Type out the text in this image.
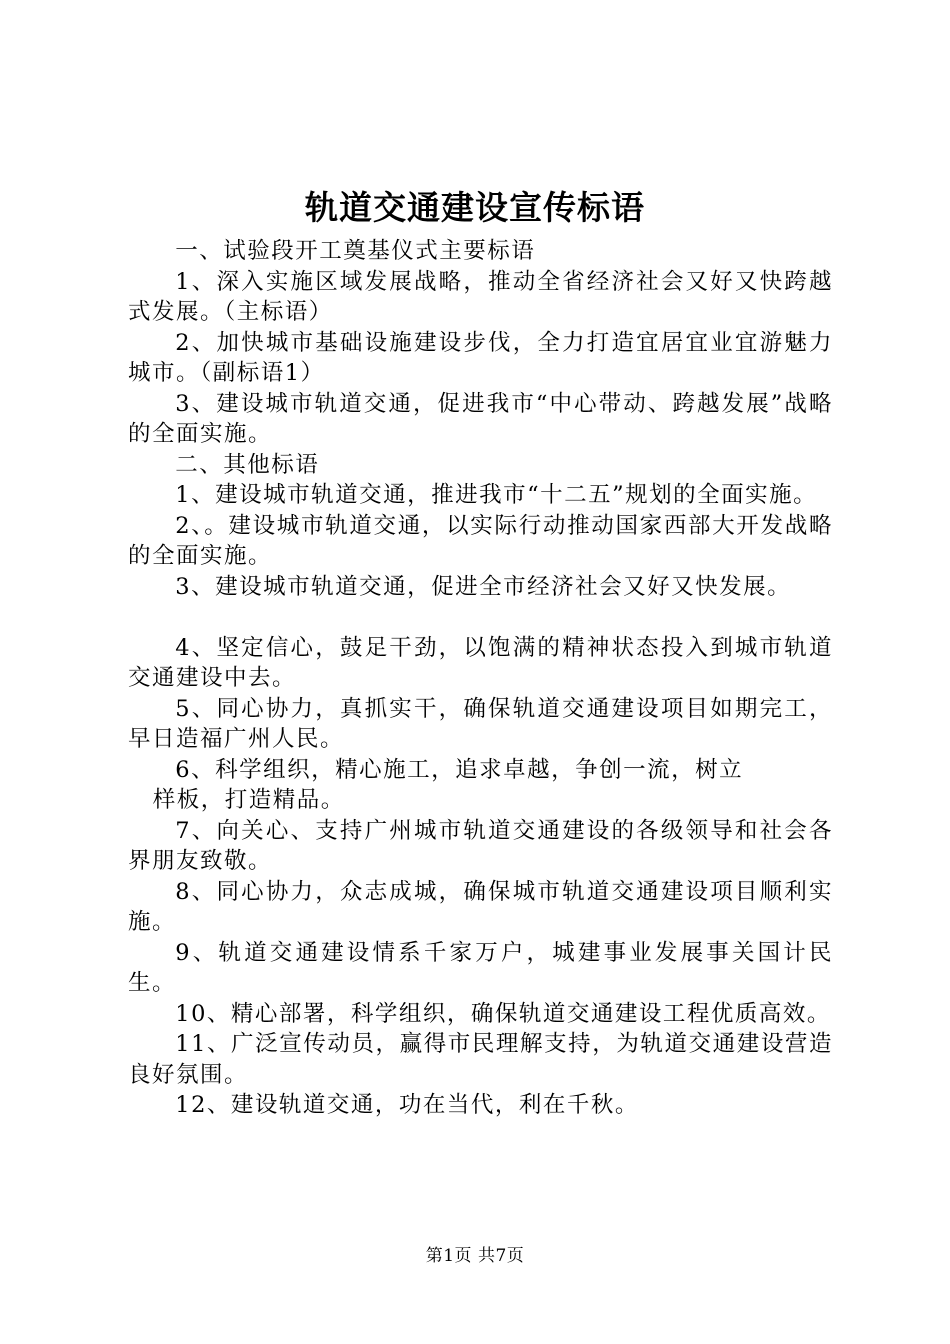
轨道交通建设宣传标语

一、试验段开工奠基仪式主要标语

1、深入实施区域发展战略，推动全省经济社会又好又快跨越式发展。（主标语）

2、加快城市基础设施建设步伐，全力打造宜居宜业宜游魅力城市。（副标语1）

3、建设城市轨道交通，促进我市“中心带动、跨越发展”战略的全面实施。

二、其他标语

1、建设城市轨道交通，推进我市“十二五”规划的全面实施。

2、。建设城市轨道交通，以实际行动推动国家西部大开发战略的全面实施。

3、建设城市轨道交通，促进全市经济社会又好又快发展。

4、坚定信心，鼓足干劲，以饱满的精神状态投入到城市轨道交通建设中去。

5、同心协力，真抓实干，确保轨道交通建设项目如期完工，早日造福广州人民。

6、科学组织，精心施工，追求卓越，争创一流，树立
样板，打造精品。

7、向关心、支持广州城市轨道交通建设的各级领导和社会各界朋友致敬。

8、同心协力，众志成城，确保城市轨道交通建设项目顺利实施。

9、轨道交通建设情系千家万户，城建事业发展事关国计民生。

10、精心部署，科学组织，确保轨道交通建设工程优质高效。

11、广泛宣传动员，赢得市民理解支持，为轨道交通建设营造良好氛围。

12、建设轨道交通，功在当代，利在千秋。

第1页 共7页
